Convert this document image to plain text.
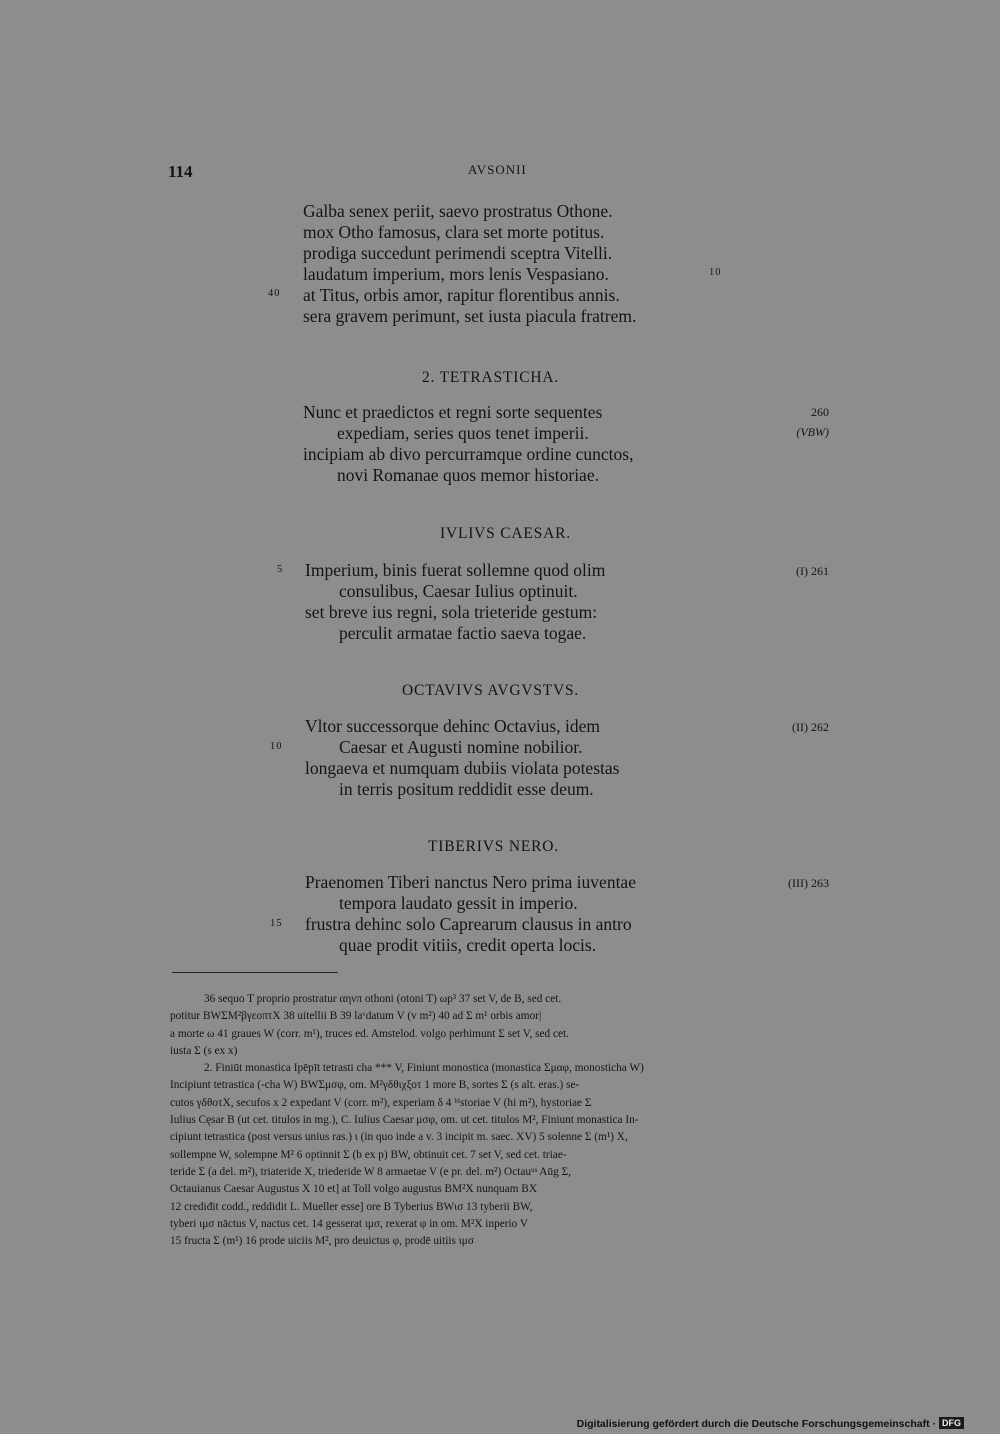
114	AVSONII
Galba senex periit, saevo prostratus Othone.
mox Otho famosus, clara set morte potitus.
prodiga succedunt perimendi sceptra Vitelli.
laudatum imperium, mors lenis Vespasiano.
at Titus, orbis amor, rapitur florentibus annis.
sera gravem perimunt, set iusta piacula fratrem.
40
10
2. TETRASTICHA.
Nunc et praedictos et regni sorte sequentes
expediam, series quos tenet imperii.
incipiam ab divo percurramque ordine cunctos,
novi Romanae quos memor historiae.
260
(VBW)
IVLIVS CAESAR.
Imperium, binis fuerat sollemne quod olim
consulibus, Caesar Iulius optinuit.
set breve ius regni, sola trieteride gestum:
perculit armatae factio saeva togae.
5	(I) 261
OCTAVIVS AVGVSTVS.
Vltor successorque dehinc Octavius, idem
Caesar et Augusti nomine nobilior.
longaeva et numquam dubiis violata potestas
in terris positum reddidit esse deum.
10
(II) 262
TIBERIVS NERO.
Praenomen Tiberi nanctus Nero prima iuventae
tempora laudato gessit in imperio.
frustra dehinc solo Caprearum clausus in antro
quae prodit vitiis, credit operta locis.
15
(III) 263
36 sequo T proprio prostratur αηνπ othoni (otoni T) ωp³ 37 set V, de B, sed cet.
potitur BWΣM²βγεοπτX 38 uitellii B 39 laᵛdatum V (v m²) 40 ad Σ m¹ orbis amor|
a morte ω 41 graues W (corr. m¹), truces ed. Amstelod. volgo perhimunt Σ set V, sed cet.
iusta Σ (s ex x)
2. Finiūt monastica Ipēpīt tetrasti cha *** V, Finiunt monostica (monastica Σμαφ, monosticha W)
Incipiunt tetrastica (-cha W) BWΣμσφ, om. M²γδθιχξοτ 1 more B, sortes Σ (s alt. eras.) se-
cutos γδθοτX, secufos x 2 expedant V (corr. m²), experiam δ 4 ʰⁱstoriae V (hi m²), hystoriae Σ
Iulius Cęsar B (ut cet. titulos in mg.), C. Iulius Caesar μσφ, om. ut cet. titulos M², Finiunt monastica In-
cipiunt tetrastica (post versus unius ras.) ι (in quo inde a v. 3 incipit m. saec. XV) 5 solenne Σ (m¹) X,
sollempne W, solempne M² 6 optinnit Σ (b ex p) BW, obtinuit cet. 7 set V, sed cet. triae-
teride Σ (a del. m²), triateride X, triederide W 8 armaetae V (e pr. del. m²) Octauᵘˢ Aūg Σ,
Octauianus Caesar Augustus X 10 et] at Toll volgo augustus BM²X nunquam BX
12 crediđit codd., reddidit L. Mueller esse] ore B Tyberius BWισ 13 tyberii BW,
tyberi ιμσ nāctus V, nactus cet. 14 gesserat ιμσ, rexerat φ in om. M²X inperio V
15 fructa Σ (m¹) 16 prode uiciis M², pro deuictus φ, prodē uitiis ιμσ
Digitalisierung gefördert durch die Deutsche Forschungsgemeinschaft · DFG
